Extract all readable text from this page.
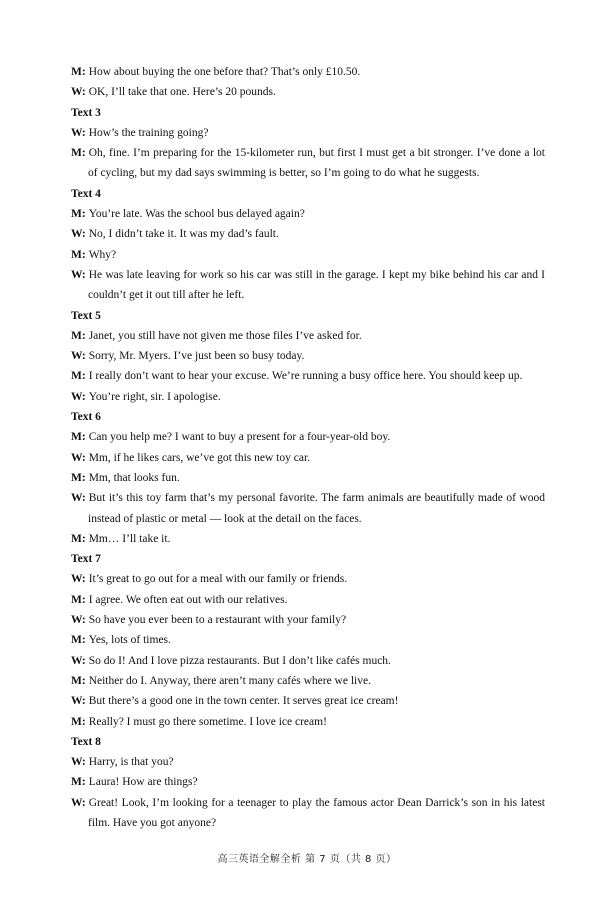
M: How about buying the one before that? That’s only £10.50.
W: OK, I’ll take that one. Here’s 20 pounds.
Text 3
W: How’s the training going?
M: Oh, fine. I’m preparing for the 15-kilometer run, but first I must get a bit stronger. I’ve done a lot of cycling, but my dad says swimming is better, so I’m going to do what he suggests.
Text 4
M: You’re late. Was the school bus delayed again?
W: No, I didn’t take it. It was my dad’s fault.
M: Why?
W: He was late leaving for work so his car was still in the garage. I kept my bike behind his car and I couldn’t get it out till after he left.
Text 5
M: Janet, you still have not given me those files I’ve asked for.
W: Sorry, Mr. Myers. I’ve just been so busy today.
M: I really don’t want to hear your excuse. We’re running a busy office here. You should keep up.
W: You’re right, sir. I apologise.
Text 6
M: Can you help me? I want to buy a present for a four-year-old boy.
W: Mm, if he likes cars, we’ve got this new toy car.
M: Mm, that looks fun.
W: But it’s this toy farm that’s my personal favorite. The farm animals are beautifully made of wood instead of plastic or metal — look at the detail on the faces.
M: Mm… I’ll take it.
Text 7
W: It’s great to go out for a meal with our family or friends.
M: I agree. We often eat out with our relatives.
W: So have you ever been to a restaurant with your family?
M: Yes, lots of times.
W: So do I! And I love pizza restaurants. But I don’t like cafés much.
M: Neither do I. Anyway, there aren’t many cafés where we live.
W: But there’s a good one in the town center. It serves great ice cream!
M: Really? I must go there sometime. I love ice cream!
Text 8
W: Harry, is that you?
M: Laura! How are things?
W: Great! Look, I’m looking for a teenager to play the famous actor Dean Darrick’s son in his latest film. Have you got anyone?
高三英语全解全析 第 7 页（共 8 页）
